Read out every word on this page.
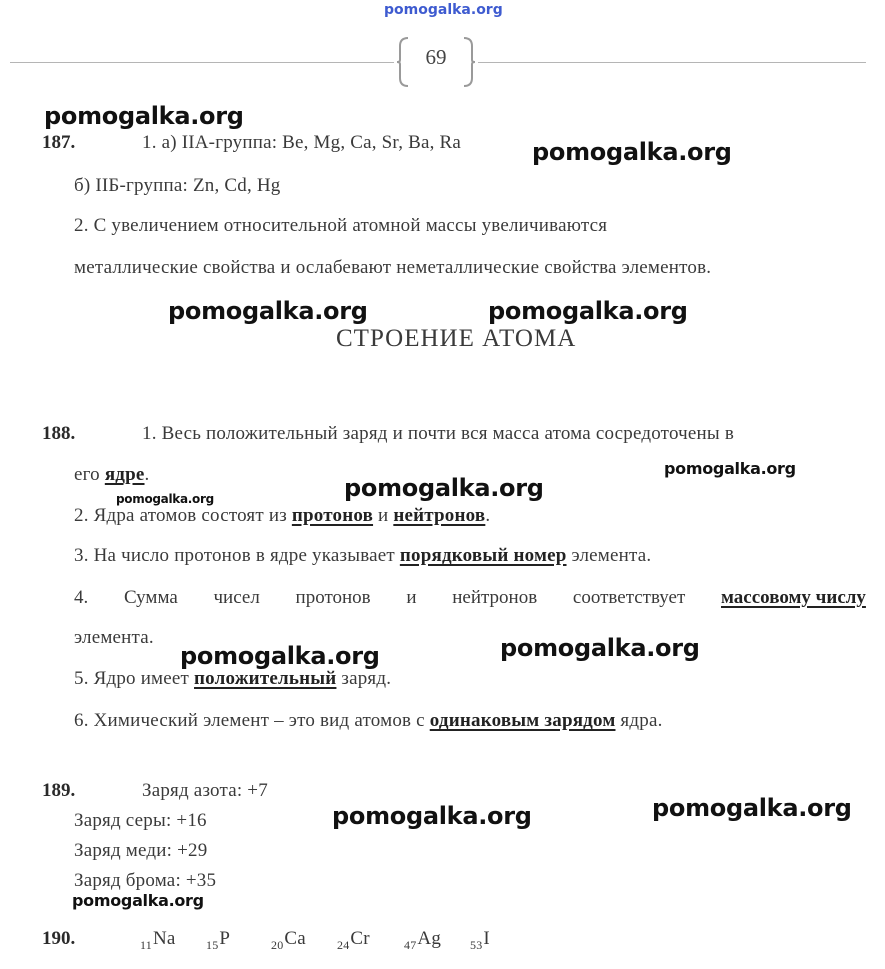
pomogalka.org
69
pomogalka.org
187.	1. а) IIA-группа: Be, Mg, Ca, Sr, Ba, Ra	pomogalka.org
б) IIБ-группа: Zn, Cd, Hg
2. С увеличением относительной атомной массы увеличиваются
металлические свойства и ослабевают неметаллические свойства элементов.
pomogalka.org	pomogalka.org
СТРОЕНИЕ АТОМА
188.	1. Весь положительный заряд и почти вся масса атома сосредоточены в
его ядре.	pomogalka.org
pomogalka.org	pomogalka.org
2. Ядра атомов состоят из протонов и нейтронов.
3. На число протонов в ядре указывает порядковый номер элемента.
4. Сумма чисел протонов и нейтронов соответствует массовому числу
элемента.
pomogalka.org	pomogalka.org
5. Ядро имеет положительный заряд.
6. Химический элемент – это вид атомов с одинаковым зарядом ядра.
189.	Заряд азота: +7
pomogalka.org
Заряд серы: +16	pomogalka.org
Заряд меди: +29
Заряд брома: +35
pomogalka.org
190.	$_{11}$Na	$_{15}$P	$_{20}$Ca	$_{24}$Cr	$_{47}$Ag $_{53}$I
